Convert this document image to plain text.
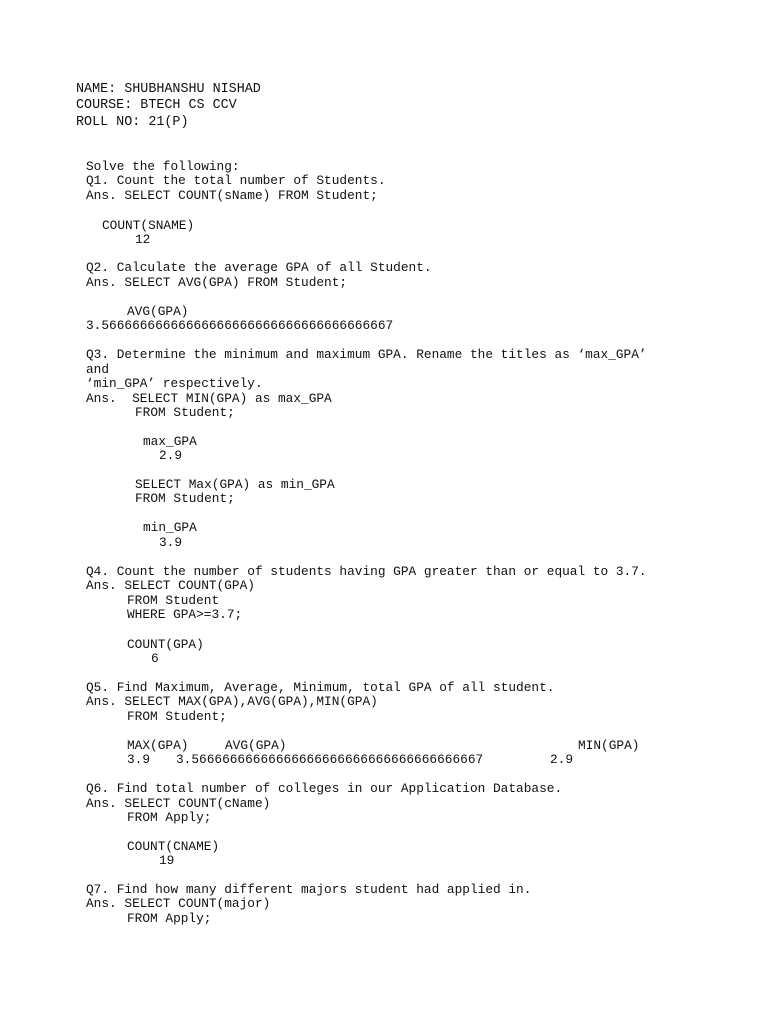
NAME: SHUBHANSHU NISHAD
COURSE: BTECH CS CCV
ROLL NO: 21(P)
Solve the following:
Q1. Count the total number of Students.
Ans. SELECT COUNT(sName) FROM Student;
COUNT(SNAME)
12
Q2. Calculate the average GPA of all Student.
Ans. SELECT AVG(GPA) FROM Student;
AVG(GPA)
3.56666666666666666666666666666666666667
Q3. Determine the minimum and maximum GPA. Rename the titles as ‘max_GPA’
and
‘min_GPA’ respectively.
Ans.  SELECT MIN(GPA) as max_GPA
FROM Student;
max_GPA
2.9
SELECT Max(GPA) as min_GPA
FROM Student;
min_GPA
3.9
Q4. Count the number of students having GPA greater than or equal to 3.7.
Ans. SELECT COUNT(GPA)
FROM Student
WHERE GPA>=3.7;
COUNT(GPA)
6
Q5. Find Maximum, Average, Minimum, total GPA of all student.
Ans. SELECT MAX(GPA),AVG(GPA),MIN(GPA)
FROM Student;
MAX(GPA)	AVG(GPA)	MIN(GPA)
3.9 3.56666666666666666666666666666666666667	2.9
Q6. Find total number of colleges in our Application Database.
Ans. SELECT COUNT(cName)
FROM Apply;
COUNT(CNAME)
19
Q7. Find how many different majors student had applied in.
Ans. SELECT COUNT(major)
FROM Apply;
